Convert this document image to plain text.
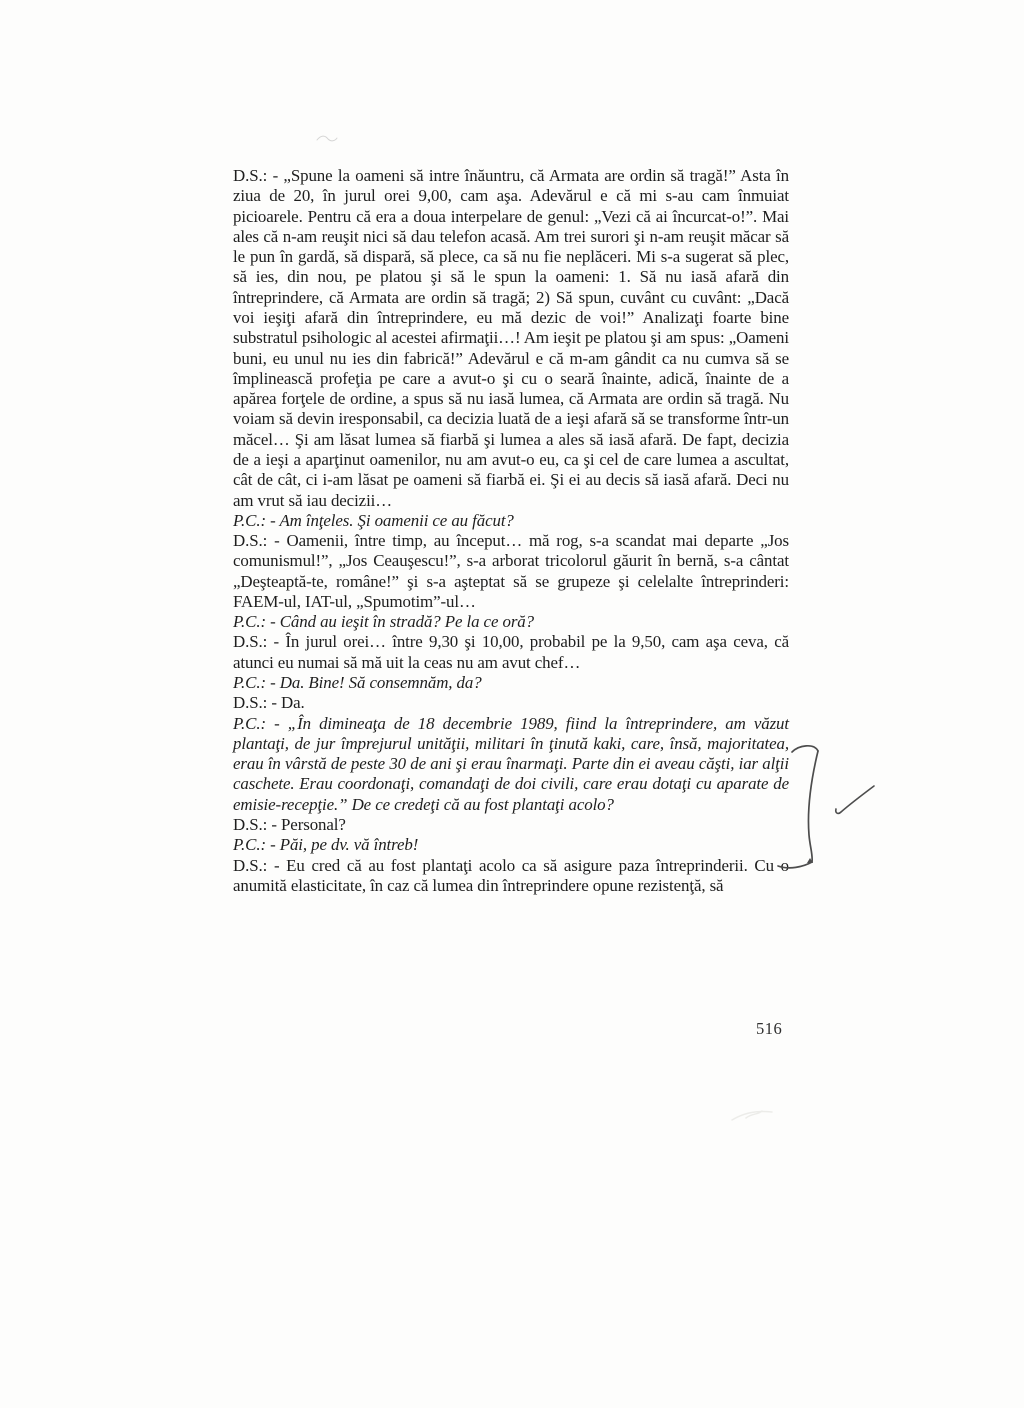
D.S.: - „Spune la oameni să intre înăuntru, că Armata are ordin să tragă!” Asta în ziua de 20, în jurul orei 9,00, cam aşa. Adevărul e că mi s-au cam înmuiat picioarele. Pentru că era a doua interpelare de genul: „Vezi că ai încurcat-o!”. Mai ales că n-am reuşit nici să dau telefon acasă. Am trei surori şi n-am reuşit măcar să le pun în gardă, să dispară, să plece, ca să nu fie neplăceri. Mi s-a sugerat să plec, să ies, din nou, pe platou şi să le spun la oameni: 1. Să nu iasă afară din întreprindere, că Armata are ordin să tragă; 2) Să spun, cuvânt cu cuvânt: „Dacă voi ieşiţi afară din întreprindere, eu mă dezic de voi!” Analizaţi foarte bine substratul psihologic al acestei afirmaţii…! Am ieşit pe platou şi am spus: „Oameni buni, eu unul nu ies din fabrică!” Adevărul e că m-am gândit ca nu cumva să se împlinească profeţia pe care a avut-o şi cu o seară înainte, adică, înainte de a apărea forţele de ordine, a spus să nu iasă lumea, că Armata are ordin să tragă. Nu voiam să devin iresponsabil, ca decizia luată de a ieşi afară să se transforme într-un măcel… Şi am lăsat lumea să fiarbă şi lumea a ales să iasă afară. De fapt, decizia de a ieşi a aparţinut oamenilor, nu am avut-o eu, ca şi cel de care lumea a ascultat, cât de cât, ci i-am lăsat pe oameni să fiarbă ei. Şi ei au decis să iasă afară. Deci nu am vrut să iau decizii…

P.C.: - Am înţeles. Şi oamenii ce au făcut?

D.S.: - Oamenii, între timp, au început… mă rog, s-a scandat mai departe „Jos comunismul!”, „Jos Ceauşescu!”, s-a arborat tricolorul găurit în bernă, s-a cântat „Deşteaptă-te, române!” şi s-a aşteptat să se grupeze şi celelalte întreprinderi: FAEM-ul, IAT-ul, „Spumotim”-ul…

P.C.: - Când au ieşit în stradă? Pe la ce oră?

D.S.: - În jurul orei… între 9,30 şi 10,00, probabil pe la 9,50, cam aşa ceva, că atunci eu numai să mă uit la ceas nu am avut chef…

P.C.: - Da. Bine! Să consemnăm, da?

D.S.: - Da.

P.C.: - „În dimineaţa de 18 decembrie 1989, fiind la întreprindere, am văzut plantaţi, de jur împrejurul unităţii, militari în ţinută kaki, care, însă, majoritatea, erau în vârstă de peste 30 de ani şi erau înarmaţi. Parte din ei aveau căşti, iar alţii caschete. Erau coordonaţi, comandaţi de doi civili, care erau dotaţi cu aparate de emisie-recepţie.” De ce credeţi că au fost plantaţi acolo?

D.S.: - Personal?

P.C.: - Păi, pe dv. vă întreb!

D.S.: - Eu cred că au fost plantaţi acolo ca să asigure paza întreprinderii. Cu o anumită elasticitate, în caz că lumea din întreprindere opune rezistenţă, să

516
